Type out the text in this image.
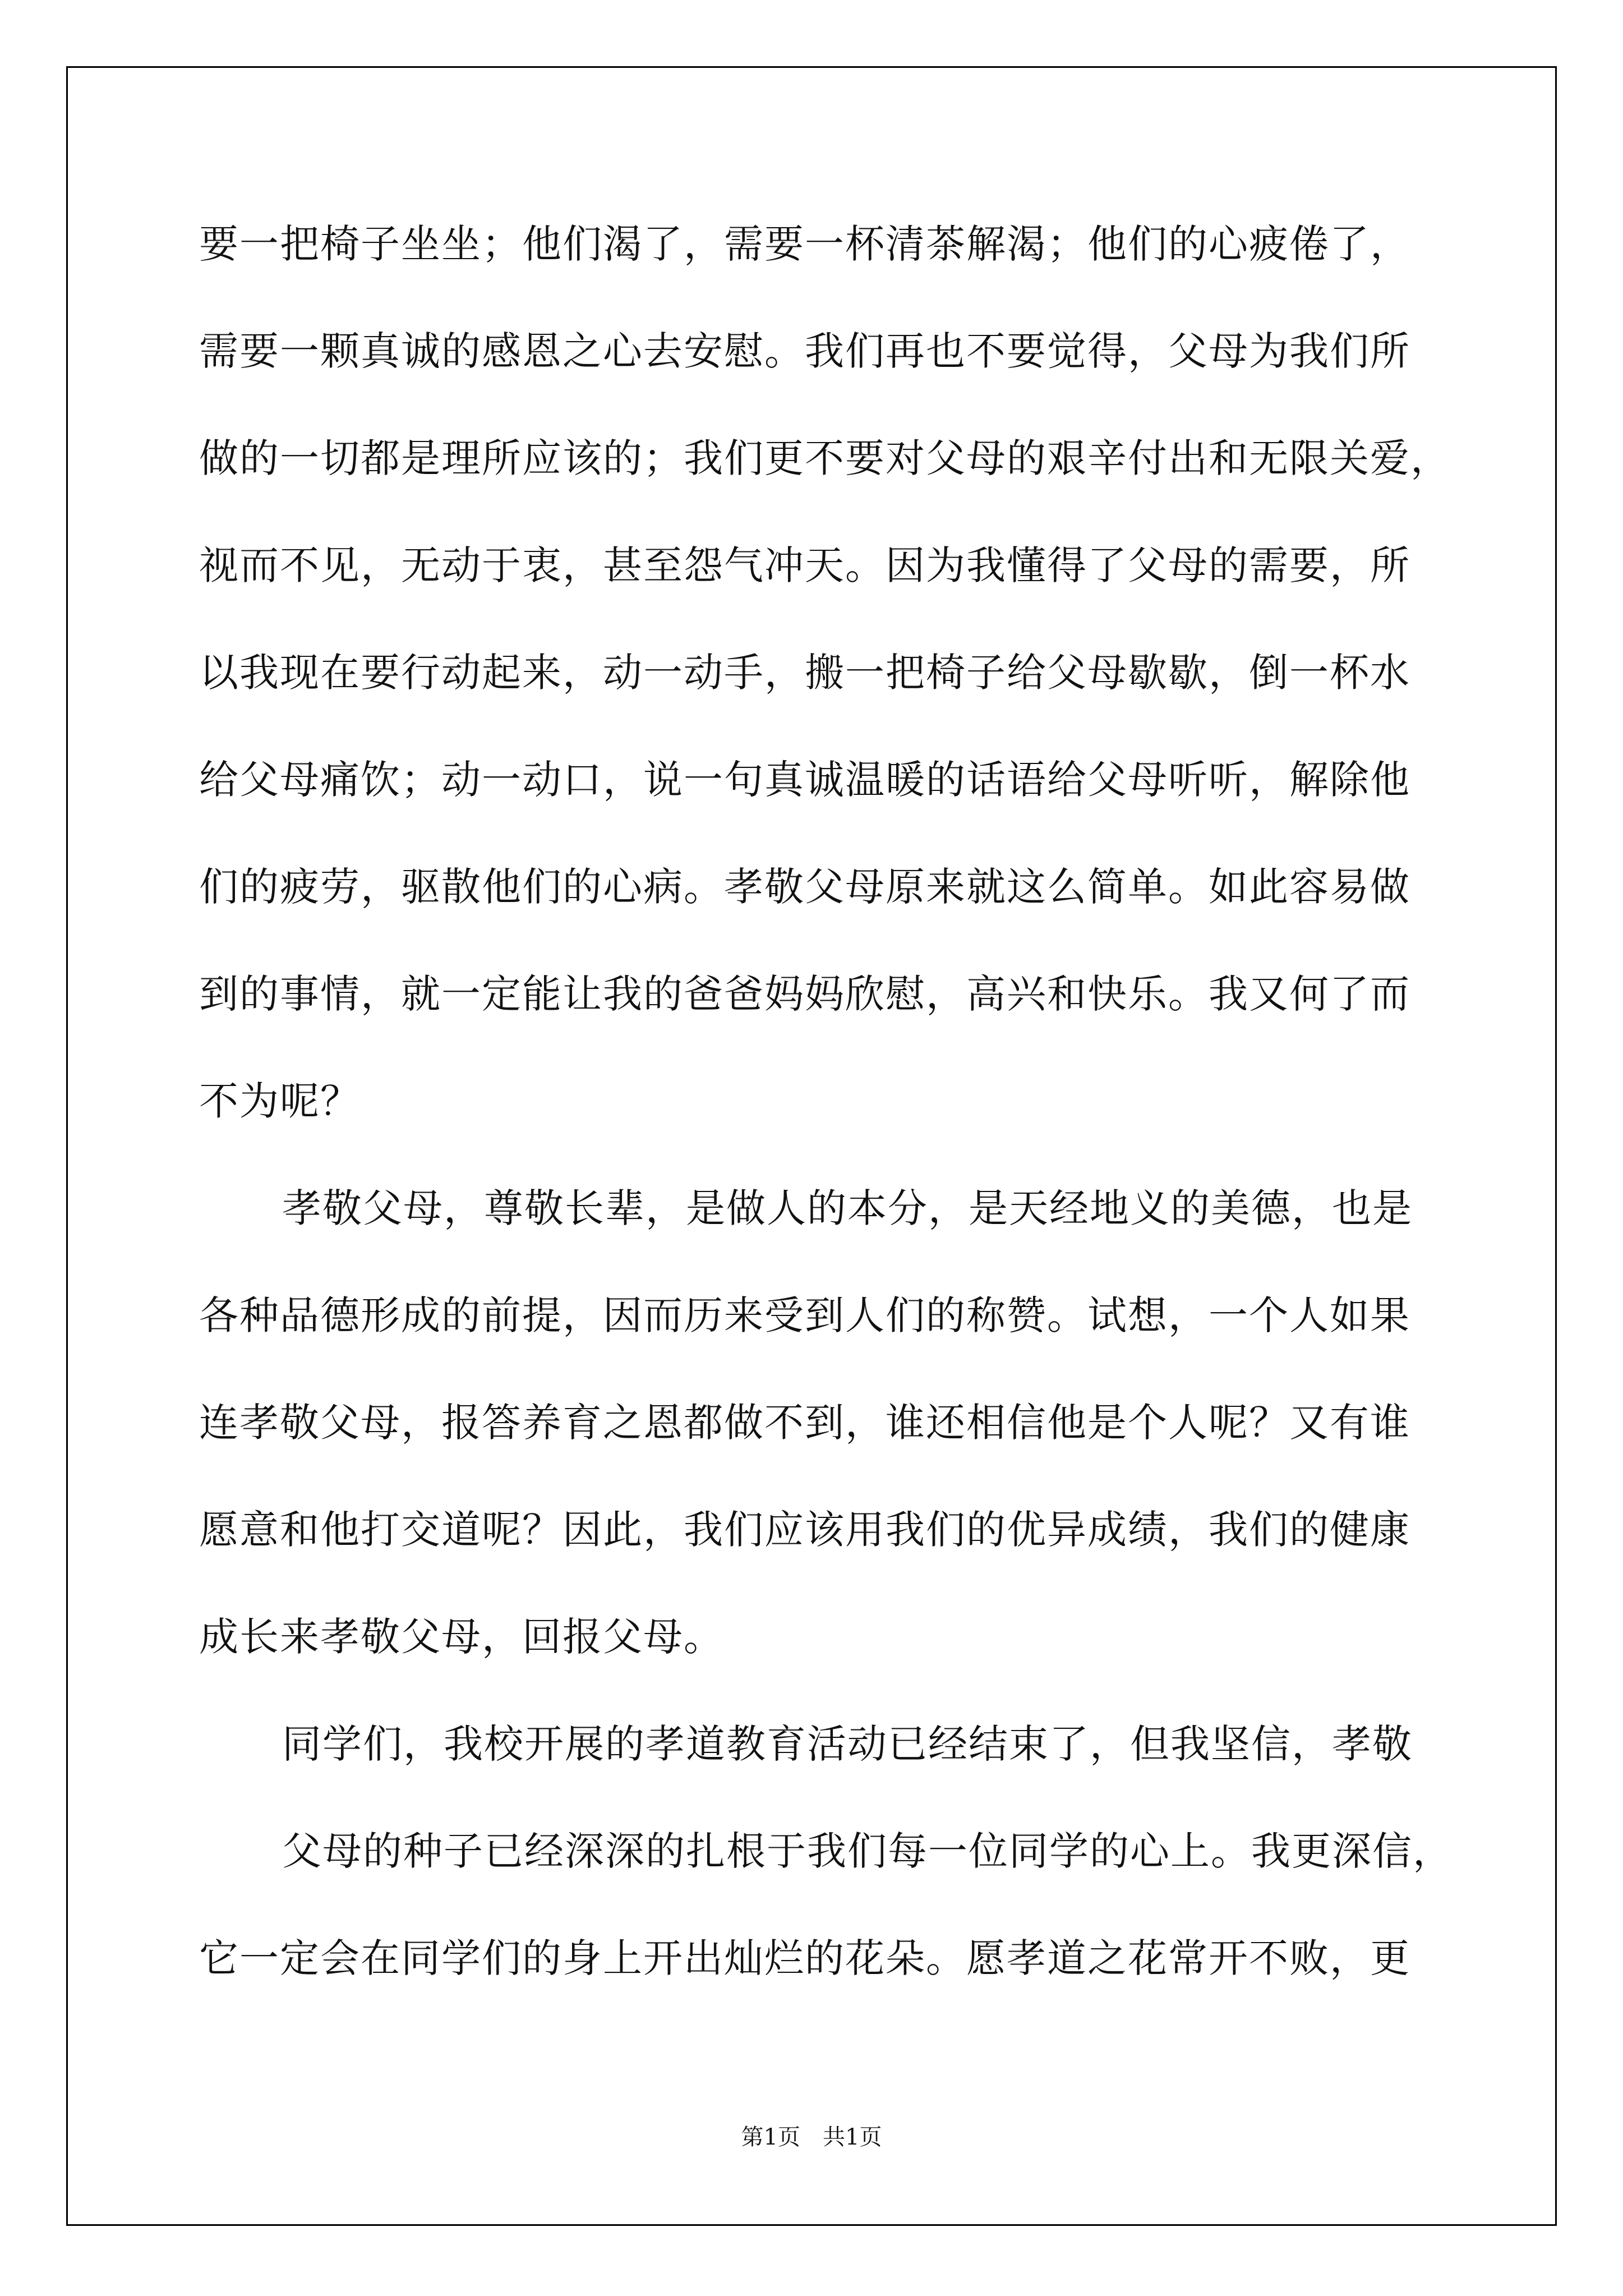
要一把椅子坐坐；他们渴了，需要一杯清茶解渴；他们的心疲倦了，
需要一颗真诚的感恩之心去安慰。我们再也不要觉得，父母为我们所
做的一切都是理所应该的；我们更不要对父母的艰辛付出和无限关爱，
视而不见，无动于衷，甚至怨气冲天。因为我懂得了父母的需要，所
以我现在要行动起来，动一动手，搬一把椅子给父母歇歇，倒一杯水
给父母痛饮；动一动口，说一句真诚温暖的话语给父母听听，解除他
们的疲劳，驱散他们的心病。孝敬父母原来就这么简单。如此容易做
到的事情，就一定能让我的爸爸妈妈欣慰，高兴和快乐。我又何了而
不为呢？
孝敬父母，尊敬长辈，是做人的本分，是天经地义的美德，也是
各种品德形成的前提，因而历来受到人们的称赞。试想，一个人如果
连孝敬父母，报答养育之恩都做不到，谁还相信他是个人呢？又有谁
愿意和他打交道呢？因此，我们应该用我们的优异成绩，我们的健康
成长来孝敬父母，回报父母。
同学们，我校开展的孝道教育活动已经结束了，但我坚信，孝敬
父母的种子已经深深的扎根于我们每一位同学的心上。我更深信，
它一定会在同学们的身上开出灿烂的花朵。愿孝道之花常开不败，更
第1页 共1页
